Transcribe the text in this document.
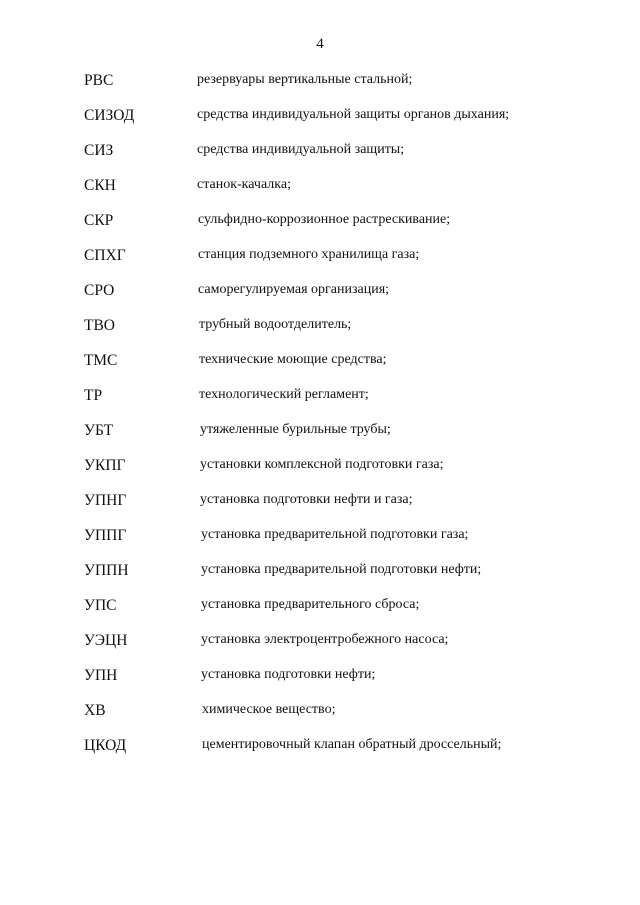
4
РВС	резервуары вертикальные стальной;
СИЗОД	средства индивидуальной защиты органов дыхания;
СИЗ	средства индивидуальной защиты;
СКН	станок-качалка;
СКР	сульфидно-коррозионное растрескивание;
СПХГ	станция подземного хранилища газа;
СРО	саморегулируемая организация;
ТВО	трубный водоотделитель;
ТМС	технические моющие средства;
ТР	технологический регламент;
УБТ	утяжеленные бурильные трубы;
УКПГ	установки комплексной подготовки газа;
УПНГ	установка подготовки нефти и газа;
УППГ	установка предварительной подготовки газа;
УППН	установка предварительной подготовки нефти;
УПС	установка предварительного сброса;
УЭЦН	установка электроцентробежного насоса;
УПН	установка подготовки нефти;
ХВ	химическое вещество;
ЦКОД	цементировочный клапан обратный дроссельный;
